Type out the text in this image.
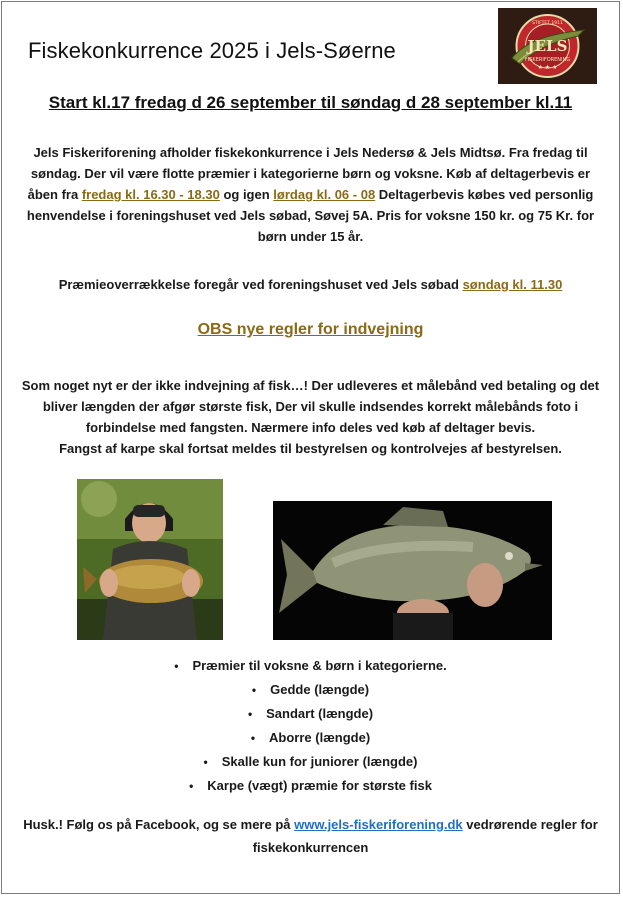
Fiskekonkurrence 2025 i Jels-Søerne	JELS
FISKERIFORENING
STIFTET 1911
★ ★ ★
Start kl.17 fredag d 26 september til søndag d 28 september kl.11
Jels Fiskeriforening afholder fiskekonkurrence i Jels Nedersø & Jels Midtsø. Fra fredag til søndag. Der vil være flotte præmier i kategorierne børn og voksne. Køb af deltagerbevis er åben fra fredag kl. 16.30 - 18.30 og igen lørdag kl. 06 - 08 Deltagerbevis købes ved personlig henvendelse i foreningshuset ved Jels søbad, Søvej 5A. Pris for voksne 150 kr. og 75 Kr. for børn under 15 år.
Præmieoverrækkelse foregår ved foreningshuset ved Jels søbad søndag kl. 11.30
OBS nye regler for indvejning
Som noget nyt er der ikke indvejning af fisk…! Der udleveres et målebånd ved betaling og det bliver længden der afgør største fisk, Der vil skulle indsendes korrekt målebånds foto i forbindelse med fangsten. Nærmere info deles ved køb af deltager bevis.
Fangst af karpe skal fortsat meldes til bestyrelsen og kontrolvejes af bestyrelsen.
• Præmier til voksne & børn i kategorierne.
• Gedde (længde)
• Sandart (længde)
• Aborre (længde)
• Skalle kun for juniorer (længde)
• Karpe (vægt) præmie for største fisk
Husk.! Følg os på Facebook, og se mere på www.jels-fiskeriforening.dk vedrørende regler for fiskekonkurrencen
